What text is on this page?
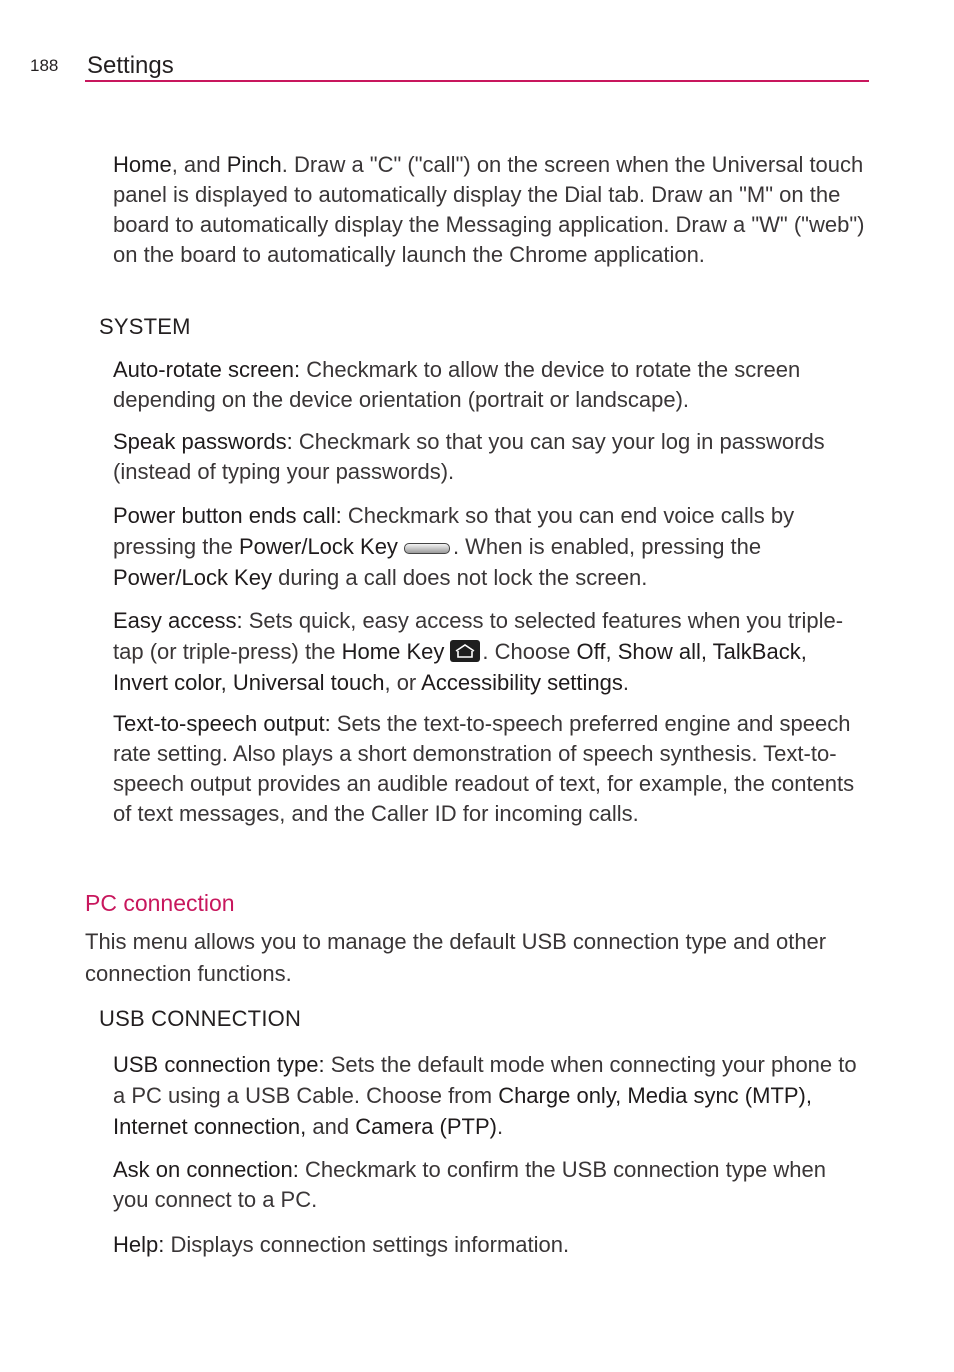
188 Settings

Home, and Pinch. Draw a "C" ("call") on the screen when the Universal touch panel is displayed to automatically display the Dial tab. Draw an "M" on the board to automatically display the Messaging application. Draw a "W" ("web") on the board to automatically launch the Chrome application.

SYSTEM

Auto-rotate screen: Checkmark to allow the device to rotate the screen depending on the device orientation (portrait or landscape).

Speak passwords: Checkmark so that you can say your log in passwords (instead of typing your passwords).

Power button ends call: Checkmark so that you can end voice calls by pressing the Power/Lock Key	. When is enabled, pressing the Power/Lock Key during a call does not lock the screen.

Easy access: Sets quick, easy access to selected features when you triple-tap (or triple-press) the Home Key . Choose Off, Show all, TalkBack, Invert color, Universal touch, or Accessibility settings.

Text-to-speech output: Sets the text-to-speech preferred engine and speech rate setting. Also plays a short demonstration of speech synthesis. Text-to-speech output provides an audible readout of text, for example, the contents of text messages, and the Caller ID for incoming calls.

PC connection

This menu allows you to manage the default USB connection type and other connection functions.

USB CONNECTION

USB connection type: Sets the default mode when connecting your phone to a PC using a USB Cable. Choose from Charge only, Media sync (MTP), Internet connection, and Camera (PTP).

Ask on connection: Checkmark to confirm the USB connection type when you connect to a PC.

Help: Displays connection settings information.
